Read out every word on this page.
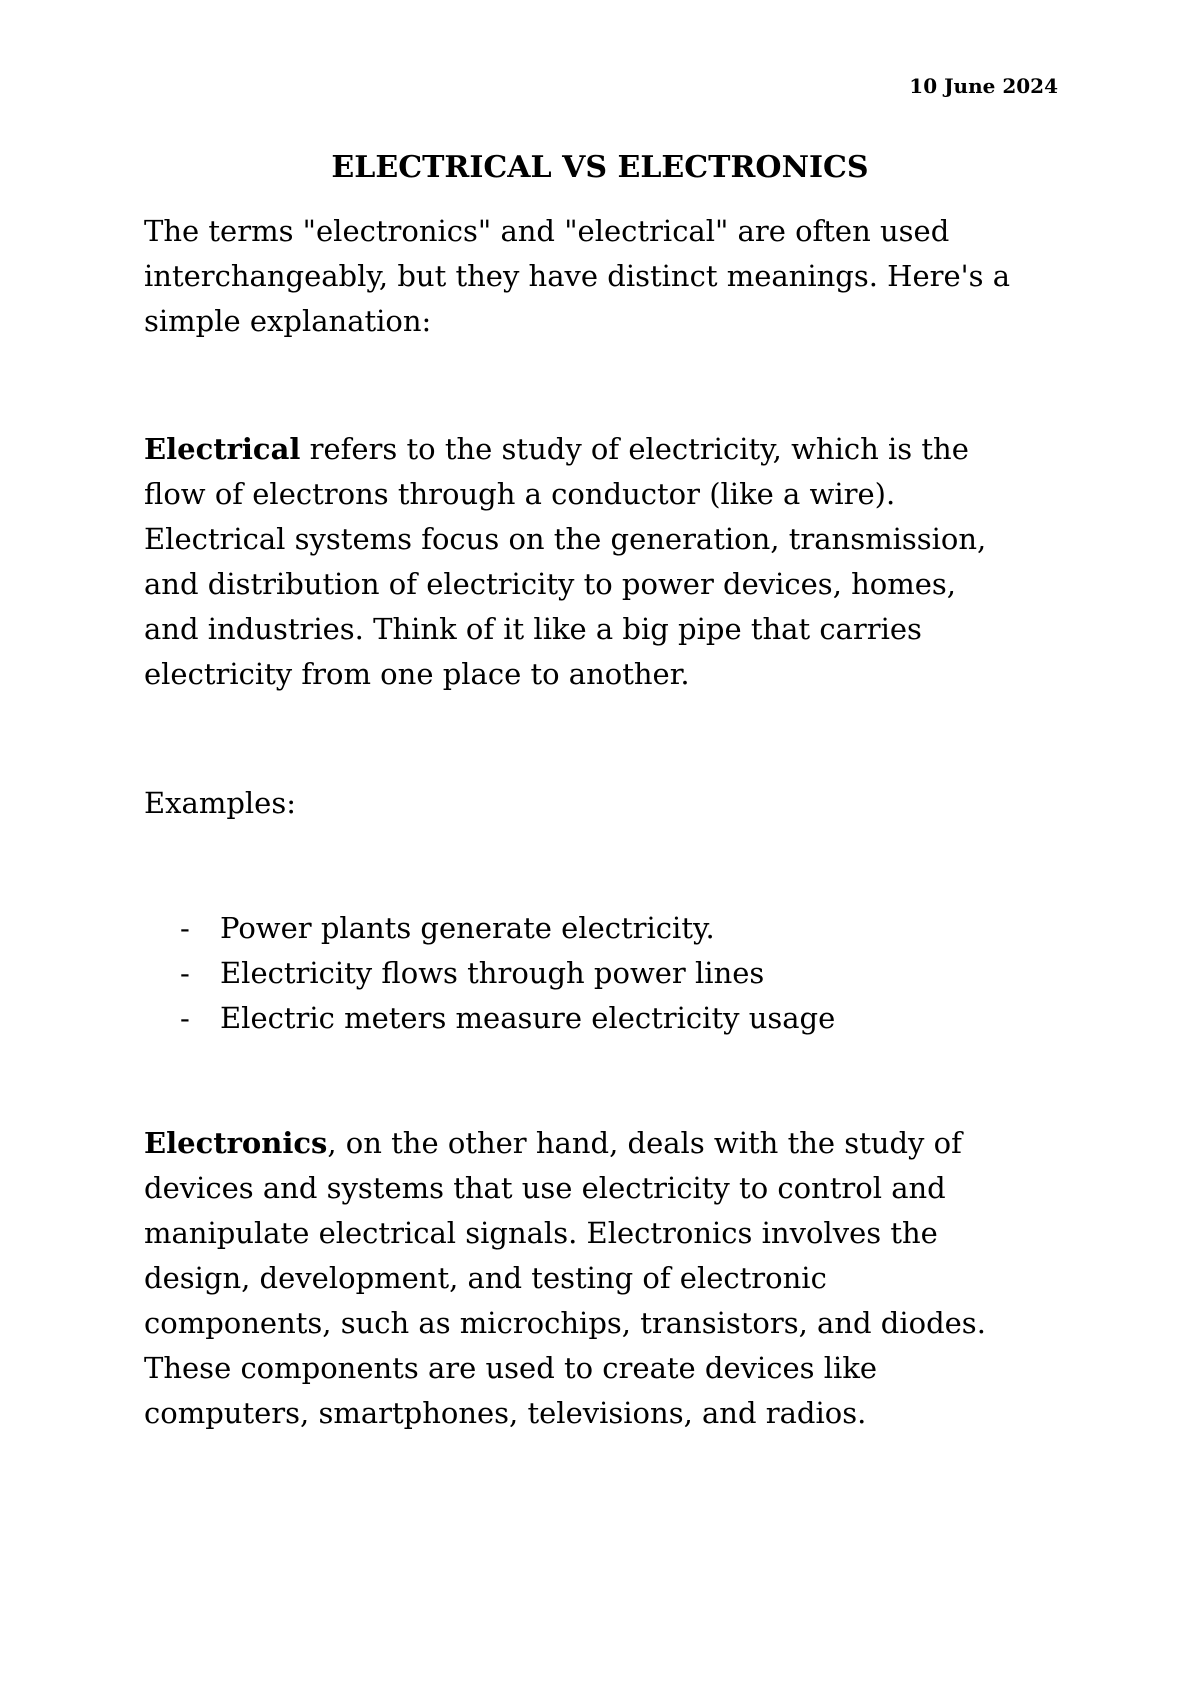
10 June 2024
ELECTRICAL VS ELECTRONICS
The terms "electronics" and "electrical" are often used
interchangeably, but they have distinct meanings. Here's a
simple explanation:
Electrical refers to the study of electricity, which is the
flow of electrons through a conductor (like a wire).
Electrical systems focus on the generation, transmission,
and distribution of electricity to power devices, homes,
and industries. Think of it like a big pipe that carries
electricity from one place to another.
Examples:
- Power plants generate electricity.
- Electricity flows through power lines
- Electric meters measure electricity usage
Electronics, on the other hand, deals with the study of
devices and systems that use electricity to control and
manipulate electrical signals. Electronics involves the
design, development, and testing of electronic
components, such as microchips, transistors, and diodes.
These components are used to create devices like
computers, smartphones, televisions, and radios.
